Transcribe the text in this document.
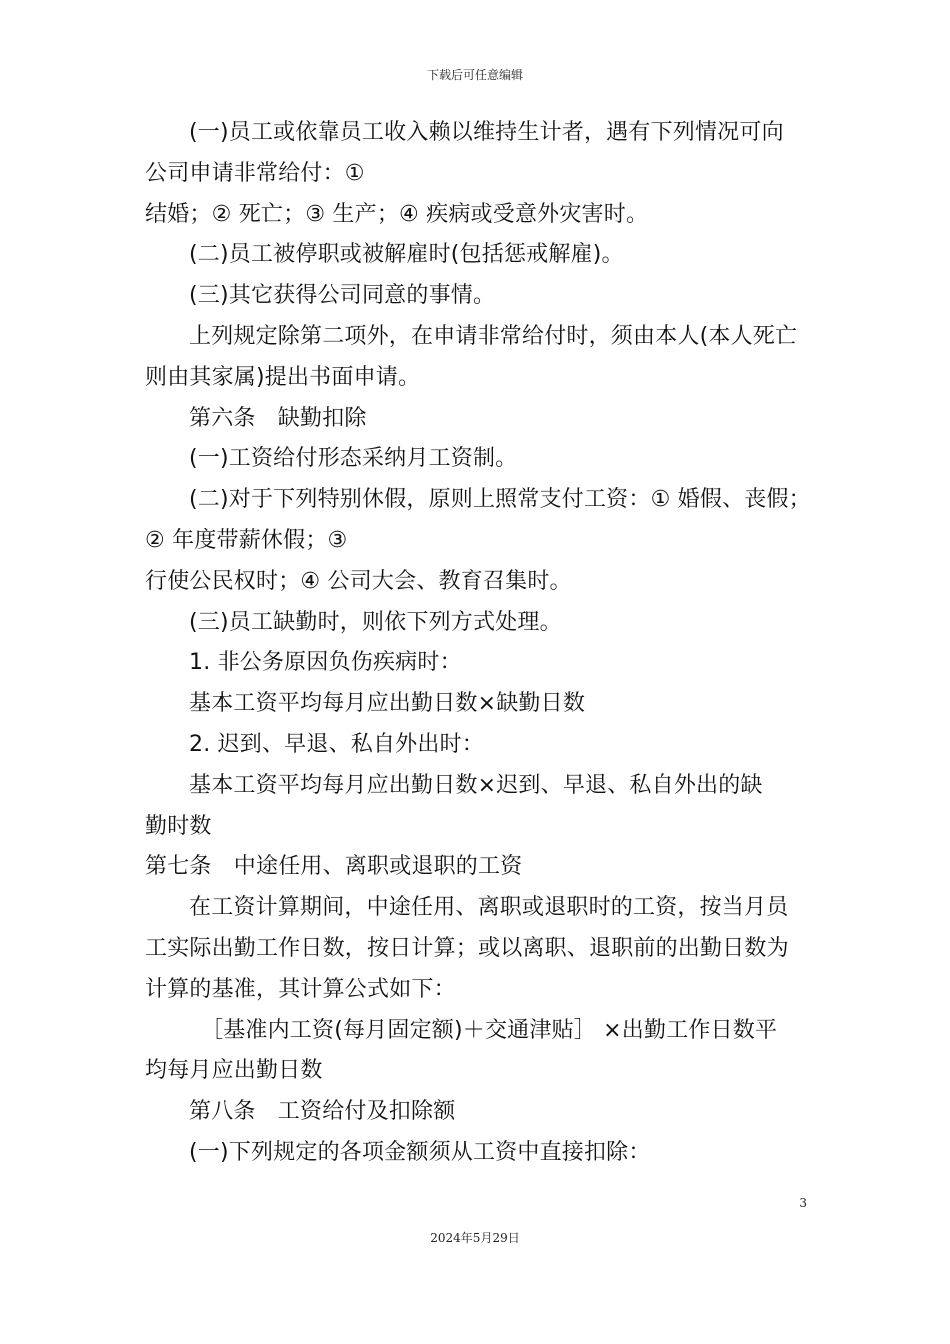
下载后可任意编辑
(一)员工或依靠员工收入赖以维持生计者，遇有下列情况可向
公司申请非常给付：①
结婚；② 死亡；③ 生产；④ 疾病或受意外灾害时。
(二)员工被停职或被解雇时(包括惩戒解雇)。
(三)其它获得公司同意的事情。
上列规定除第二项外，在申请非常给付时，须由本人(本人死亡
则由其家属)提出书面申请。
第六条　缺勤扣除
(一)工资给付形态采纳月工资制。
(二)对于下列特别休假，原则上照常支付工资：① 婚假、丧假；
② 年度带薪休假；③
行使公民权时；④ 公司大会、教育召集时。
(三)员工缺勤时，则依下列方式处理。
1. 非公务原因负伤疾病时：
基本工资平均每月应出勤日数×缺勤日数
2. 迟到、早退、私自外出时：
基本工资平均每月应出勤日数×迟到、早退、私自外出的缺
勤时数
第七条　中途任用、离职或退职的工资
在工资计算期间，中途任用、离职或退职时的工资，按当月员
工实际出勤工作日数，按日计算；或以离职、退职前的出勤日数为
计算的基准，其计算公式如下：
［基准内工资(每月固定额)＋交通津贴］ ×出勤工作日数平
均每月应出勤日数
第八条　工资给付及扣除额
(一)下列规定的各项金额须从工资中直接扣除：
3
2024年5月29日
